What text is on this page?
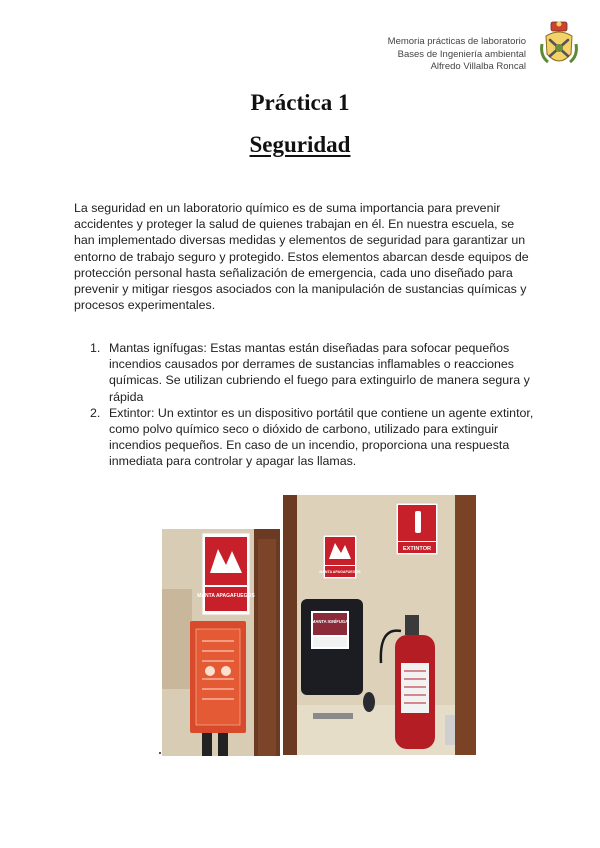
Memoria prácticas de laboratorio
Bases de Ingeniería ambiental
Alfredo Villalba Roncal
Práctica 1
Seguridad

La seguridad en un laboratorio químico es de suma importancia para prevenir accidentes y proteger la salud de quienes trabajan en él. En nuestra escuela, se han implementado diversas medidas y elementos de seguridad para garantizar un entorno de trabajo seguro y protegido. Estos elementos abarcan desde equipos de protección personal hasta señalización de emergencia, cada uno diseñado para prevenir y mitigar riesgos asociados con la manipulación de sustancias químicas y procesos experimentales.

1. Mantas ignífugas: Estas mantas están diseñadas para sofocar pequeños incendios causados por derrames de sustancias inflamables o reacciones químicas. Se utilizan cubriendo el fuego para extinguirlo de manera segura y rápida
2. Extintor: Un extintor es un dispositivo portátil que contiene un agente extintor, como polvo químico seco o dióxido de carbono, utilizado para extinguir incendios pequeños. En caso de un incendio, proporciona una respuesta inmediata para controlar y apagar las llamas.
MANTA APAGAFUEGOS
MANTA APAGAFUEGOS
EXTINTOR
MANTA IGNÍFUGA
